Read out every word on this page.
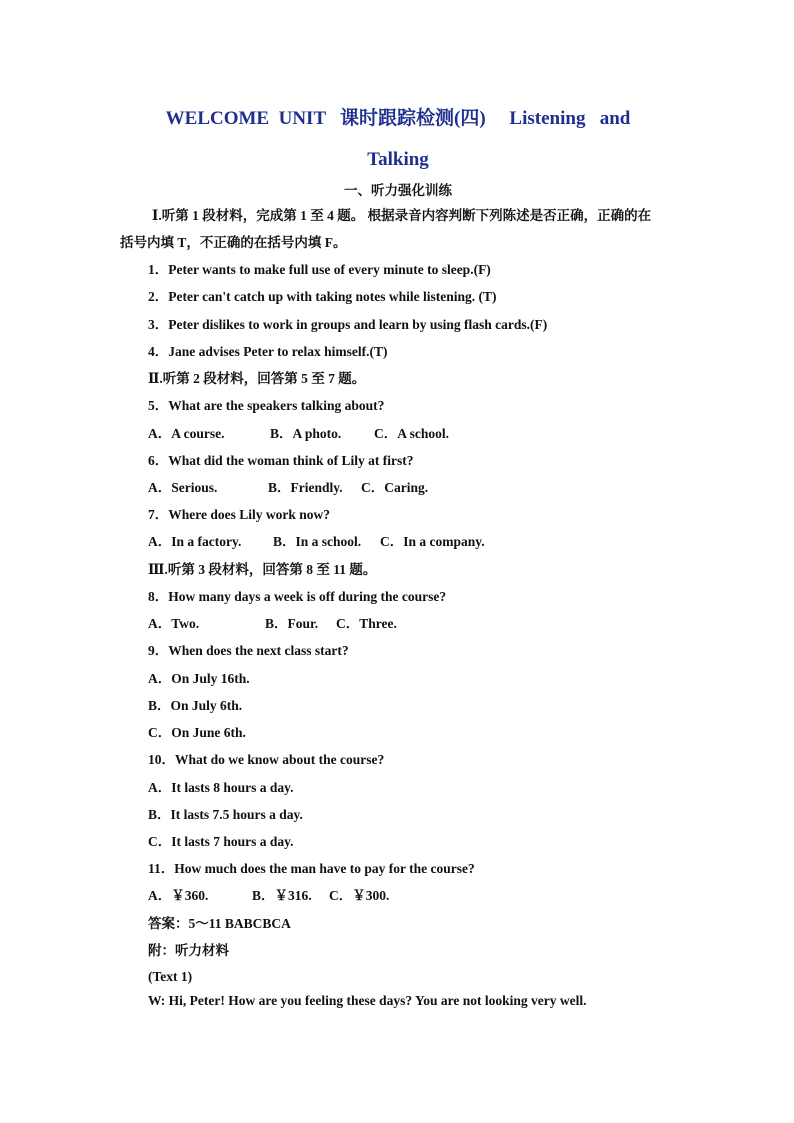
WELCOME  UNIT   课时跟踪检测(四)     Listening   and
Talking
一、听力强化训练
Ⅰ.听第 1 段材料，完成第 1 至 4 题。 根据录音内容判断下列陈述是否正确，正确的在
括号内填 T，不正确的在括号内填 F。
1．Peter wants to make full use of every minute to sleep.(F)
2．Peter can't catch up with taking notes while listening. (T)
3．Peter dislikes to work in groups and learn by using flash cards.(F)
4．Jane advises Peter to relax himself.(T)
Ⅱ.听第 2 段材料，回答第 5 至 7 题。
5．What are the speakers talking about?
A．A course.	B．A photo. C．A school.
6．What did the woman think of Lily at first?
A．Serious.	B．Friendly. C．Caring.
7．Where does Lily work now?
A．In a factory. B．In a school. C．In a company.
Ⅲ.听第 3 段材料，回答第 8 至 11 题。
8．How many days a week is off during the course?
A．Two.	B．Four. C．Three.
9．When does the next class start?
A．On July 16th.
B．On July 6th.
C．On June 6th.
10．What do we know about the course?
A．It lasts 8 hours a day.
B．It lasts 7.5 hours a day.
C．It lasts 7 hours a day.
11．How much does the man have to pay for the course?
A．￥360.	B．￥316. C．￥300.
答案：5～11 BABCBCA
附：听力材料
(Text 1)
W: Hi, Peter! How are you feeling these days? You are not looking very well.
